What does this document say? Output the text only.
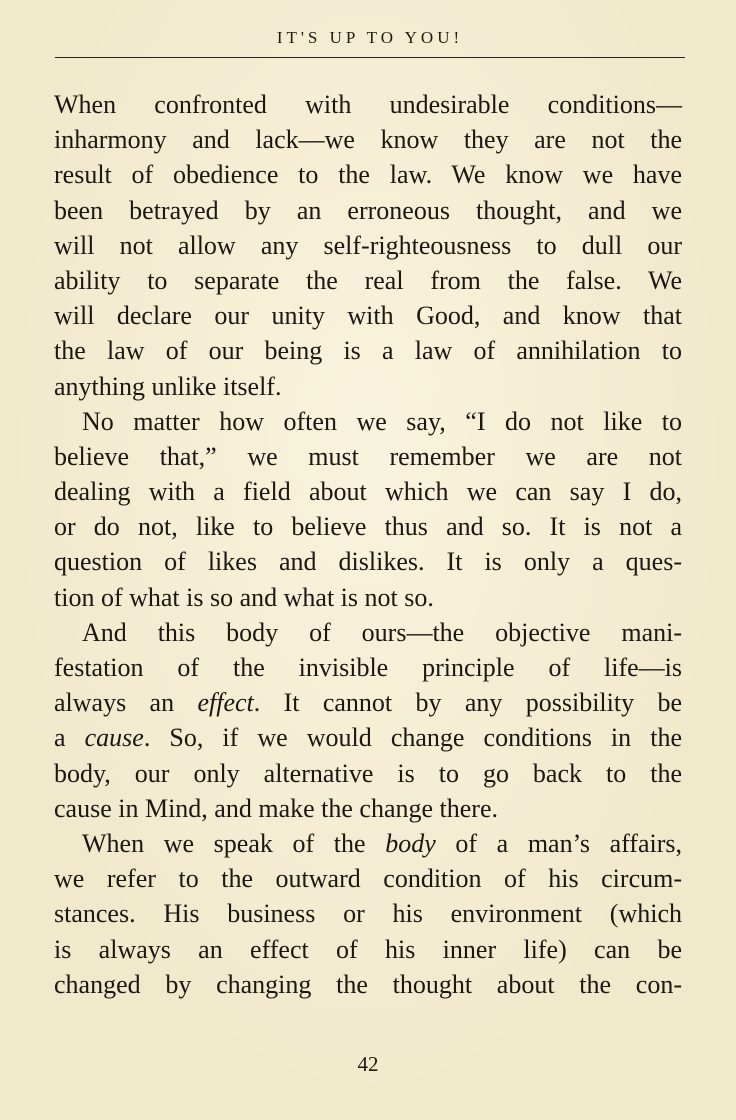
IT'S UP TO YOU!
When confronted with undesirable conditions—
inharmony and lack—we know they are not the
result of obedience to the law. We know we have
been betrayed by an erroneous thought, and we
will not allow any self-righteousness to dull our
ability to separate the real from the false. We
will declare our unity with Good, and know that
the law of our being is a law of annihilation to
anything unlike itself.
No matter how often we say, “I do not like to
believe that,” we must remember we are not
dealing with a field about which we can say I do,
or do not, like to believe thus and so. It is not a
question of likes and dislikes. It is only a ques-
tion of what is so and what is not so.
And this body of ours—the objective mani-
festation of the invisible principle of life—is
always an effect. It cannot by any possibility be
a cause. So, if we would change conditions in the
body, our only alternative is to go back to the
cause in Mind, and make the change there.
When we speak of the body of a man’s affairs,
we refer to the outward condition of his circum-
stances. His business or his environment (which
is always an effect of his inner life) can be
changed by changing the thought about the con-
42
